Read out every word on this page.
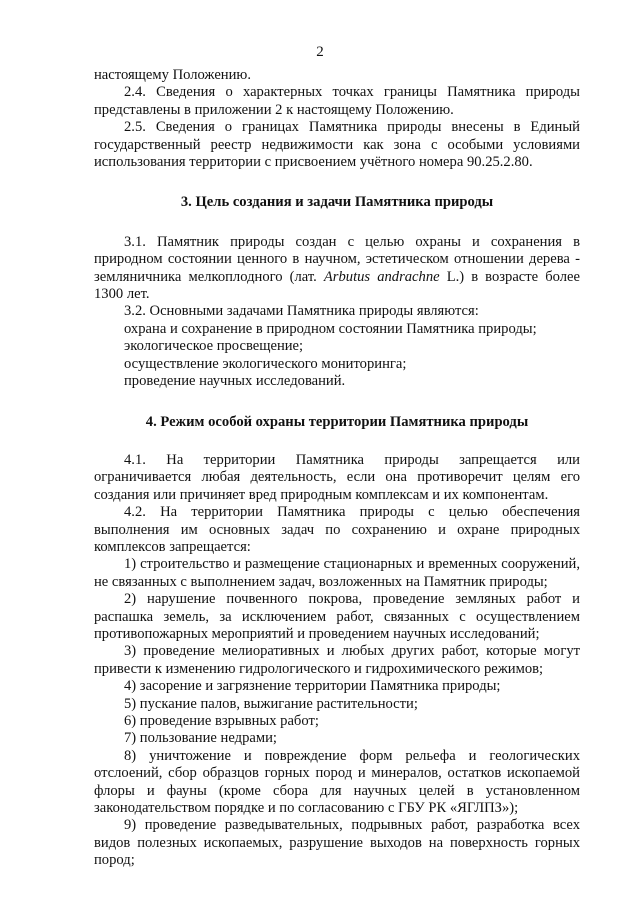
2

настоящему Положению.

2.4. Сведения о характерных точках границы Памятника природы представлены в приложении 2 к настоящему Положению.

2.5. Сведения о границах Памятника природы внесены в Единый государственный реестр недвижимости как зона с особыми условиями использования территории с присвоением учётного номера 90.25.2.80.

3. Цель создания и задачи Памятника природы

3.1. Памятник природы создан с целью охраны и сохранения в природном состоянии ценного в научном, эстетическом отношении дерева - земляничника мелкоплодного (лат. Arbutus andrachne L.) в возрасте более 1300 лет.

3.2. Основными задачами Памятника природы являются:

охрана и сохранение в природном состоянии Памятника природы;

экологическое просвещение;

осуществление экологического мониторинга;

проведение научных исследований.

4. Режим особой охраны территории Памятника природы

4.1. На территории Памятника природы запрещается или ограничивается любая деятельность, если она противоречит целям его создания или причиняет вред природным комплексам и их компонентам.

4.2. На территории Памятника природы с целью обеспечения выполнения им основных задач по сохранению и охране природных комплексов запрещается:

1) строительство и размещение стационарных и временных сооружений, не связанных с выполнением задач, возложенных на Памятник природы;

2) нарушение почвенного покрова, проведение земляных работ и распашка земель, за исключением работ, связанных с осуществлением противопожарных мероприятий и проведением научных исследований;

3) проведение мелиоративных и любых других работ, которые могут привести к изменению гидрологического и гидрохимического режимов;

4) засорение и загрязнение территории Памятника природы;

5) пускание палов, выжигание растительности;

6) проведение взрывных работ;

7) пользование недрами;

8) уничтожение и повреждение форм рельефа и геологических отслоений, сбор образцов горных пород и минералов, остатков ископаемой флоры и фауны (кроме сбора для научных целей в установленном законодательством порядке и по согласованию с ГБУ РК «ЯГЛПЗ»);

9) проведение разведывательных, подрывных работ, разработка всех видов полезных ископаемых, разрушение выходов на поверхность горных пород;
